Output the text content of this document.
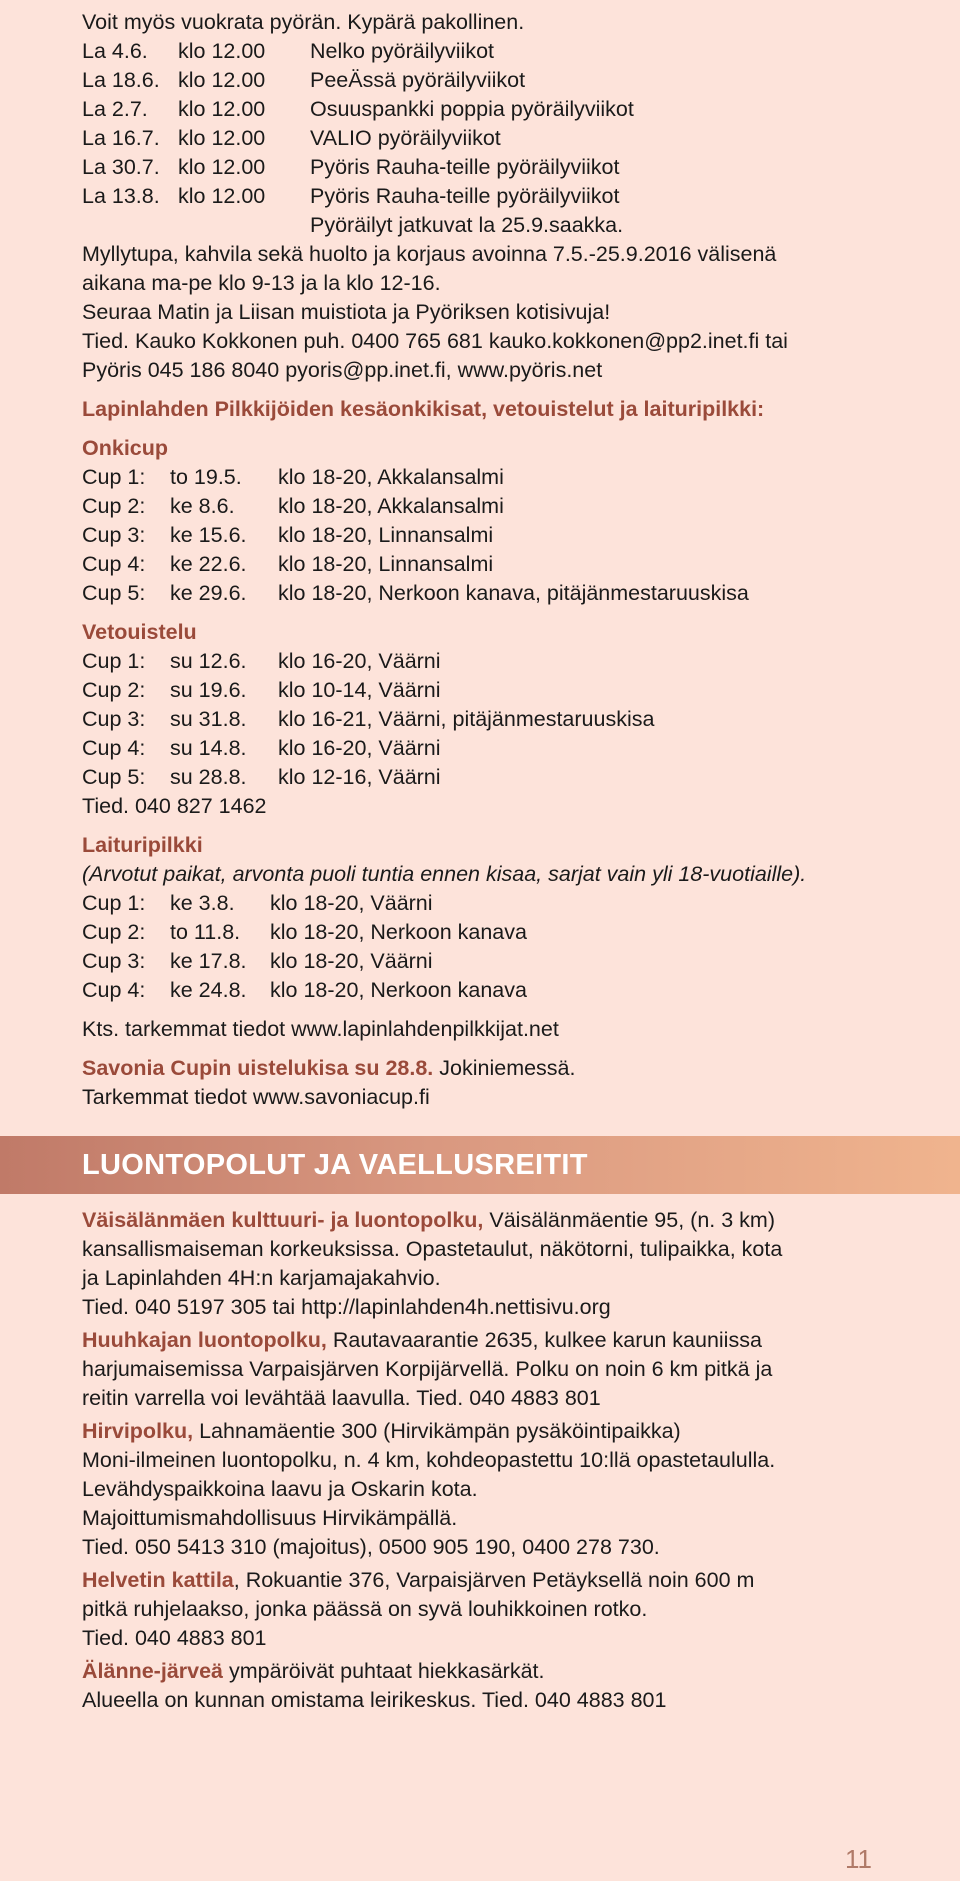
Voit myös vuokrata pyörän. Kypärä pakollinen.
La 4.6.	klo 12.00	Nelko pyöräilyviikot
La 18.6. klo 12.00	PeeÄssä pyöräilyviikot
La 2.7.	klo 12.00	Osuuspankki poppia pyöräilyviikot
La 16.7. klo 12.00	VALIO pyöräilyviikot
La 30.7. klo 12.00	Pyöris Rauha-teille pyöräilyviikot
La 13.8. klo 12.00	Pyöris Rauha-teille pyöräilyviikot
Pyöräilyt jatkuvat la 25.9.saakka.
Myllytupa, kahvila sekä huolto ja korjaus avoinna 7.5.-25.9.2016 välisenä
aikana ma-pe klo 9-13 ja la klo 12-16.
Seuraa Matin ja Liisan muistiota ja Pyöriksen kotisivuja!
Tied. Kauko Kokkonen puh. 0400 765 681 kauko.kokkonen@pp2.inet.fi tai
Pyöris 045 186 8040 pyoris@pp.inet.fi, www.pyöris.net
Lapinlahden Pilkkijöiden kesäonkikisat, vetouistelut ja laituripilkki:
Onkicup
Cup 1:	to 19.5.	klo 18-20, Akkalansalmi
Cup 2:	ke 8.6.	klo 18-20, Akkalansalmi
Cup 3:	ke 15.6.	klo 18-20, Linnansalmi
Cup 4:	ke 22.6.	klo 18-20, Linnansalmi
Cup 5:	ke 29.6.	klo 18-20, Nerkoon kanava, pitäjänmestaruuskisa
Vetouistelu
Cup 1:	su 12.6.	klo 16-20, Väärni
Cup 2:	su 19.6.	klo 10-14, Väärni
Cup 3:	su 31.8.	klo 16-21, Väärni, pitäjänmestaruuskisa
Cup 4:	su 14.8.	klo 16-20, Väärni
Cup 5:	su 28.8.	klo 12-16, Väärni
Tied. 040 827 1462
Laituripilkki
(Arvotut paikat, arvonta puoli tuntia ennen kisaa, sarjat vain yli 18-vuotiaille).
Cup 1:	ke 3.8.	klo 18-20, Väärni
Cup 2:	to 11.8.	klo 18-20, Nerkoon kanava
Cup 3:	ke 17.8.	klo 18-20, Väärni
Cup 4:	ke 24.8.	klo 18-20, Nerkoon kanava
Kts. tarkemmat tiedot www.lapinlahdenpilkkijat.net
Savonia Cupin uistelukisa su 28.8. Jokiniemessä.
Tarkemmat tiedot www.savoniacup.fi
LUONTOPOLUT JA VAELLUSREITIT
Väisälänmäen kulttuuri- ja luontopolku, Väisälänmäentie 95, (n. 3 km)
kansallismaiseman korkeuksissa. Opastetaulut, näkötorni, tulipaikka, kota
ja Lapinlahden 4H:n karjamajakahvio.
Tied. 040 5197 305 tai http://lapinlahden4h.nettisivu.org
Huuhkajan luontopolku, Rautavaarantie 2635, kulkee karun kauniissa
harjumaisemissa Varpaisjärven Korpijärvellä. Polku on noin 6 km pitkä ja
reitin varrella voi levähtää laavulla. Tied. 040 4883 801
Hirvipolku, Lahnamäentie 300 (Hirvikämpän pysäköintipaikka)
Moni-ilmeinen luontopolku, n. 4 km, kohdeopastettu 10:llä opastetaululla.
Levähdyspaikkoina laavu ja Oskarin kota.
Majoittumismahdollisuus Hirvikämpällä.
Tied. 050 5413 310 (majoitus), 0500 905 190, 0400 278 730.
Helvetin kattila, Rokuantie 376, Varpaisjärven Petäyksellä noin 600 m
pitkä ruhjelaakso, jonka päässä on syvä louhikkoinen rotko.
Tied. 040 4883 801
Älänne-järveä ympäröivät puhtaat hiekkasärkät.
Alueella on kunnan omistama leirikeskus. Tied. 040 4883 801
11
